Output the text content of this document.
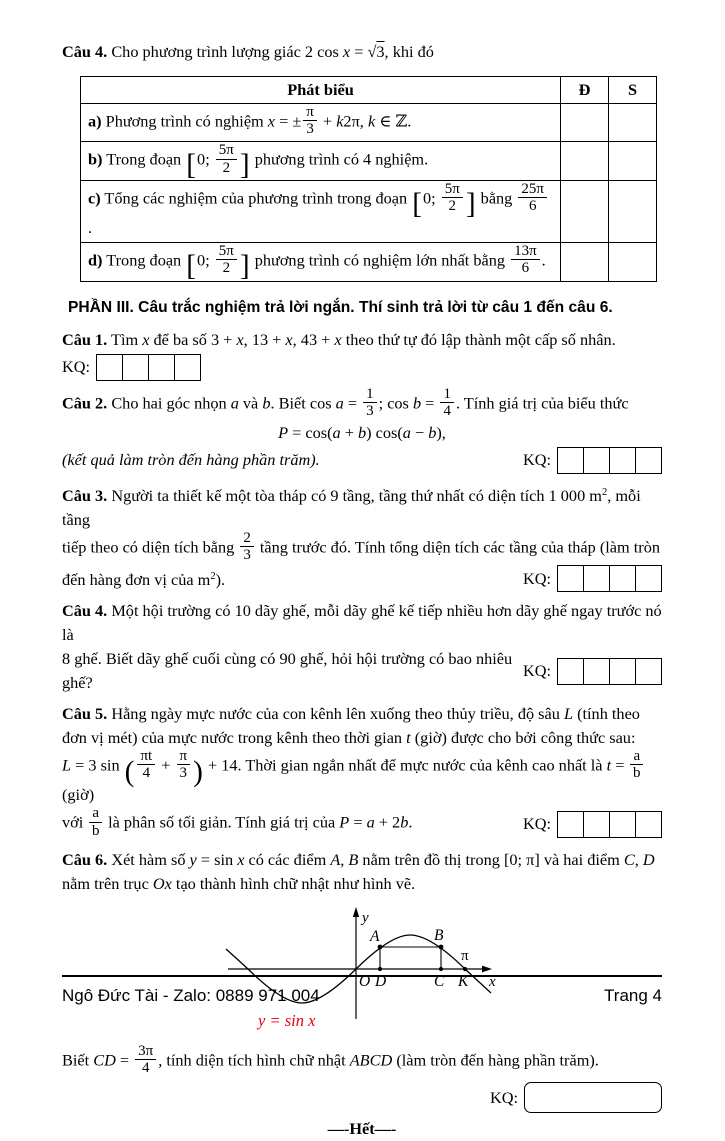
Câu 4. Cho phương trình lượng giác 2 cos x = √3, khi đó
Phát biểu	Đ	S
a) Phương trình có nghiệm x = ± $\frac{\pi}{3} + k2\pi$, k ∈ ℤ.		
b) Trong đoạn [0; $\frac{5\pi}{2}$ ] phương trình có 4 nghiệm.		
c) Tổng các nghiệm của phương trình trong đoạn [0; $\frac{5\pi}{2}$ ] bằng $\frac{25\pi}{6}$
.		
d) Trong đoạn [0; $\frac{5\pi}{2}$ ] phương trình có nghiệm lớn nhất bằng $\frac{13\pi}{6}$ .		
PHẦN III. Câu trắc nghiệm trả lời ngắn. Thí sinh trả lời từ câu 1 đến câu 6.
Câu 1. Tìm x để ba số 3 + x, 13 + x, 43 + x theo thứ tự đó lập thành một cấp số nhân.
KQ:
Câu 2. Cho hai góc nhọn a và b. Biết $\cos a = \frac{1}{3}$ ; $\cos b = \frac{1}{4}$ . Tính giá trị của biểu thức
P = cos(a + b) cos(a − b),
(kết quả làm tròn đến hàng phần trăm).	KQ:
Câu 3. Người ta thiết kế một tòa tháp có 9 tầng, tầng thứ nhất có diện tích 1 000 $m^2$, mỗi tầng
tiếp theo có diện tích bằng $\frac{2}{3}$ tầng trước đó. Tính tổng diện tích các tầng của tháp (làm tròn
đến hàng đơn vị của $m^2$).	KQ:
Câu 4. Một hội trường có 10 dãy ghế, mỗi dãy ghế kế tiếp nhiều hơn dãy ghế ngay trước nó là
8 ghế. Biết dãy ghế cuối cùng có 90 ghế, hỏi hội trường có bao nhiêu ghế?
KQ:
Câu 5. Hằng ngày mực nước của con kênh lên xuống theo thủy triều, độ sâu L (tính theo
đơn vị mét) của mực nước trong kênh theo thời gian t (giờ) được cho bởi công thức sau:
L = 3 sin ( $\frac{\pi t}{4} + \frac{\pi}{3}$ ) + 14. Thời gian ngắn nhất để mực nước của kênh cao nhất là $t = \frac{a}{b}$
(giờ)
với $\frac{a}{b}$ là phân số tối giản. Tính giá trị của P = a + 2b.	KQ:
Câu 6. Xét hàm số y = sin x có các điểm A, B nằm trên đồ thị trong [0; π] và hai điểm C, D
nằm trên trục Ox tạo thành hình chữ nhật như hình vẽ.
y
x
O D	C K
π
A	B
y = sin x
Biết CD = $\frac{3\pi}{4}$ , tính diện tích hình chữ nhật ABCD (làm tròn đến hàng phần trăm).
KQ:
—-Hết—-
Ngô Đức Tài - Zalo: 0889 971 004	Trang 4
